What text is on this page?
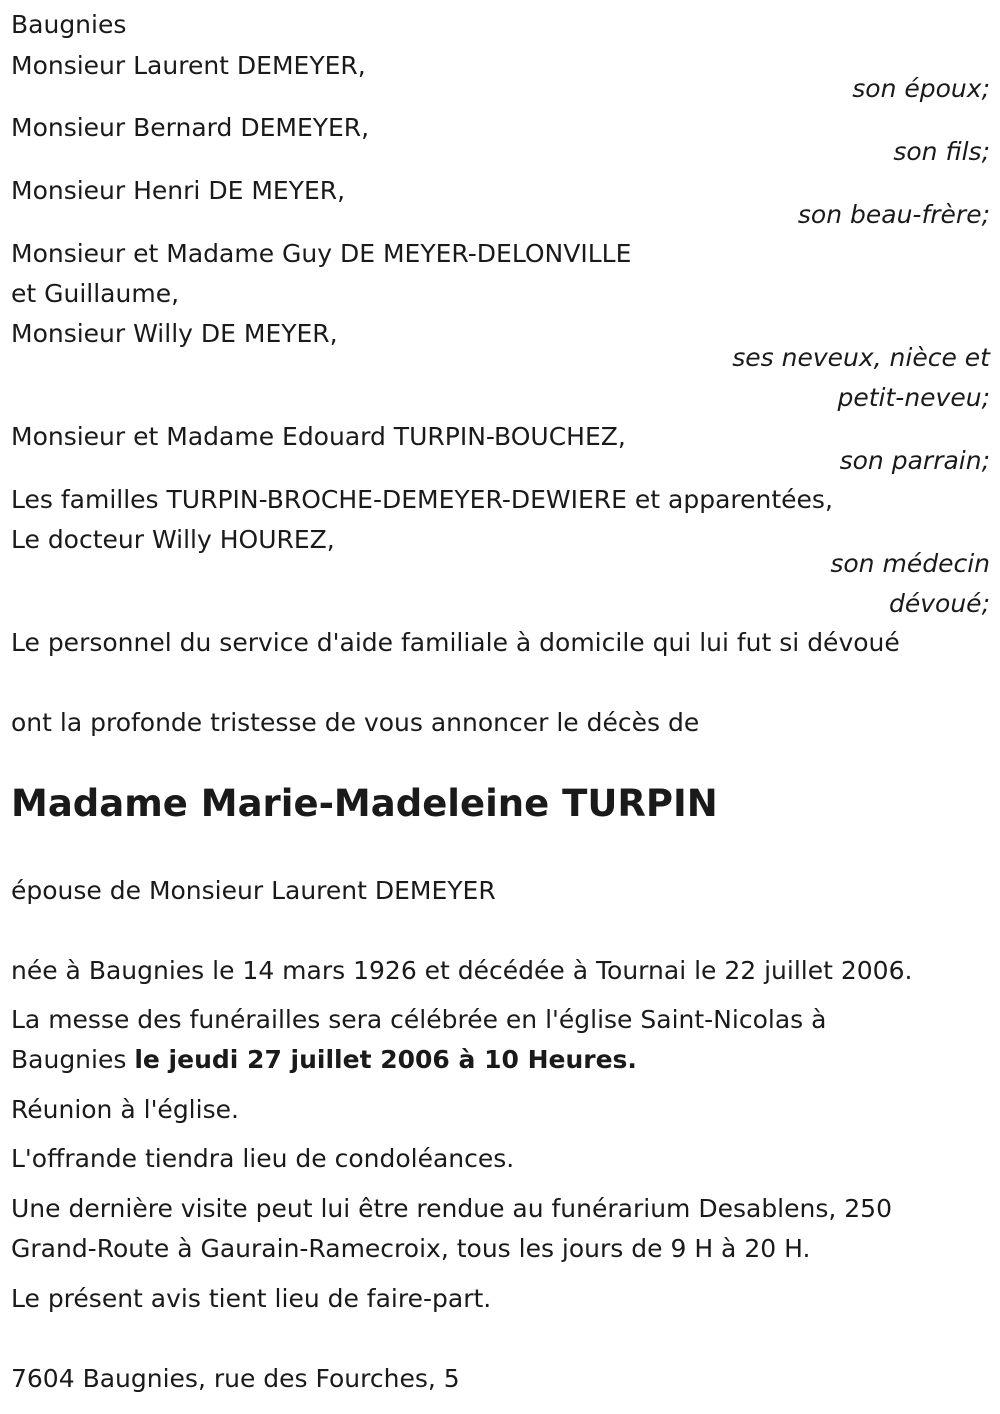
Baugnies
Monsieur Laurent DEMEYER,
son époux;
Monsieur Bernard DEMEYER,
son fils;
Monsieur Henri DE MEYER,
son beau-frère;
Monsieur et Madame Guy DE MEYER-DELONVILLE
et Guillaume,
Monsieur Willy DE MEYER,
ses neveux, nièce et
petit-neveu;
Monsieur et Madame Edouard TURPIN-BOUCHEZ,
son parrain;
Les familles TURPIN-BROCHE-DEMEYER-DEWIERE et apparentées,
Le docteur Willy HOUREZ,
son médecin
dévoué;
Le personnel du service d'aide familiale à domicile qui lui fut si dévoué
ont la profonde tristesse de vous annoncer le décès de
Madame Marie-Madeleine TURPIN
épouse de Monsieur Laurent DEMEYER
née à Baugnies le 14 mars 1926 et décédée à Tournai le 22 juillet 2006.
La messe des funérailles sera célébrée en l'église Saint-Nicolas à
Baugnies le jeudi 27 juillet 2006 à 10 Heures.
Réunion à l'église.
L'offrande tiendra lieu de condoléances.
Une dernière visite peut lui être rendue au funérarium Desablens, 250
Grand-Route à Gaurain-Ramecroix, tous les jours de 9 H à 20 H.
Le présent avis tient lieu de faire-part.
7604 Baugnies, rue des Fourches, 5
